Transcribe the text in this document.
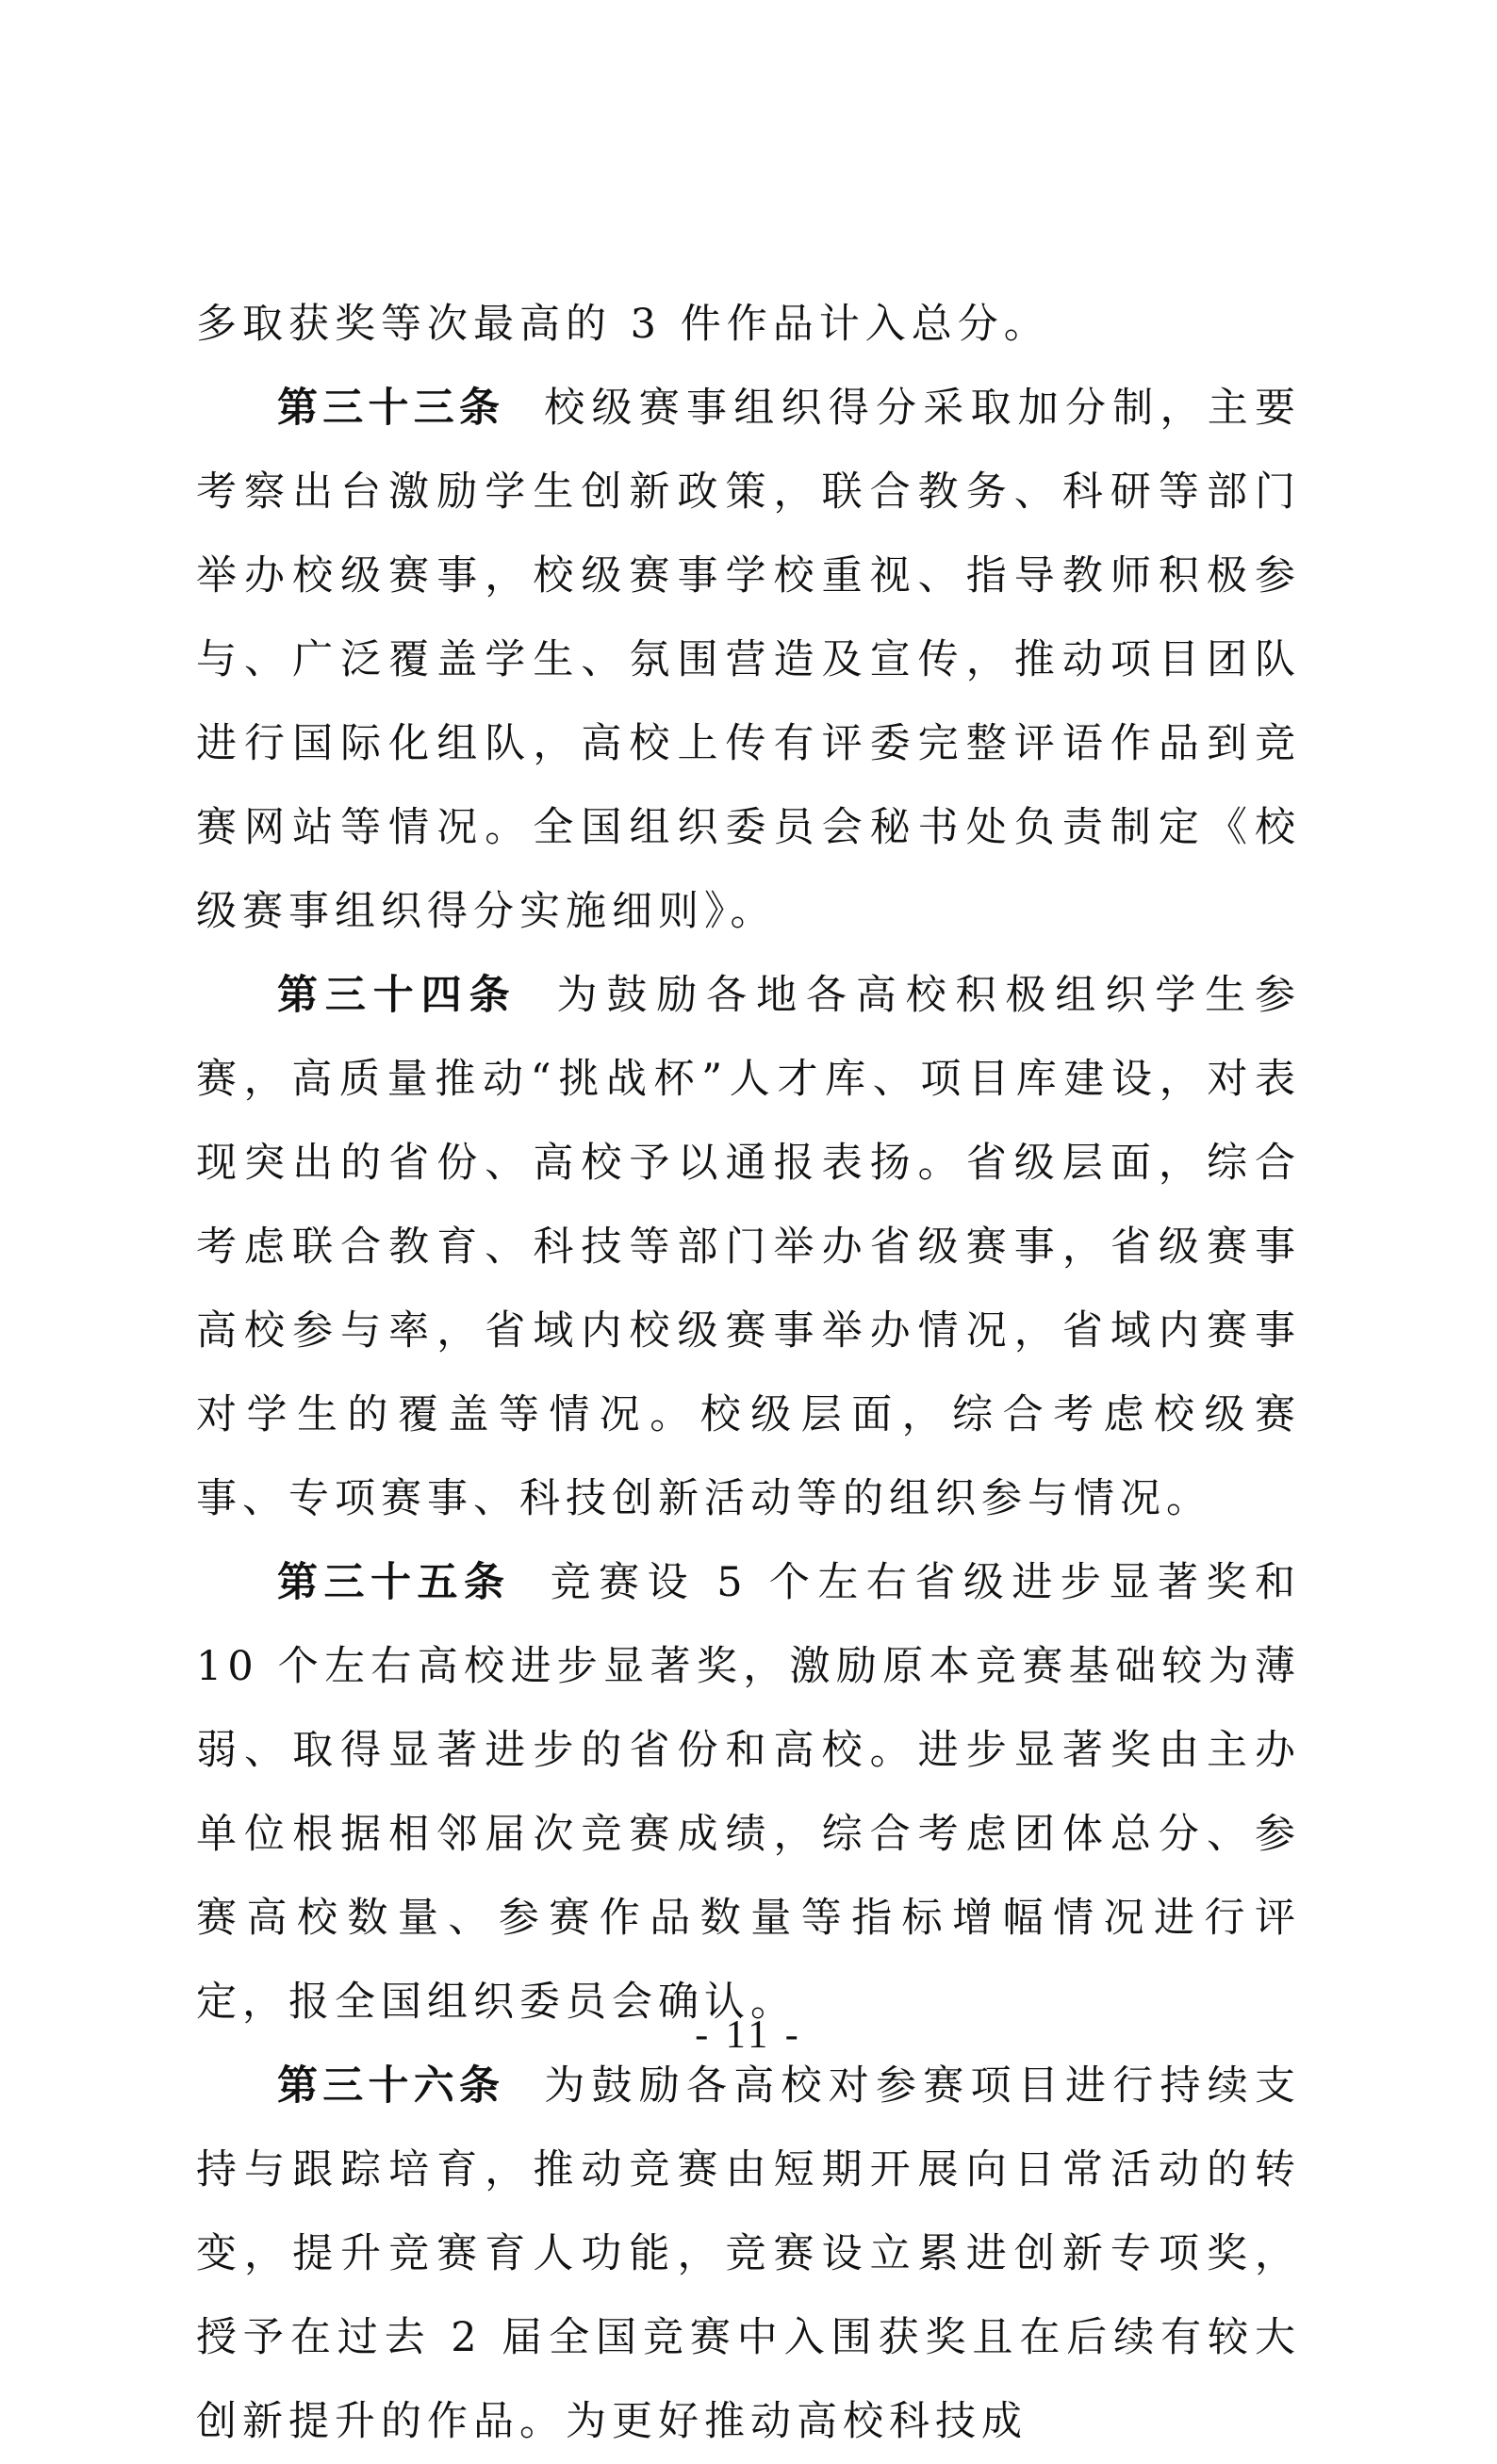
多取获奖等次最高的 3 件作品计入总分。

第三十三条 校级赛事组织得分采取加分制，主要考察出台激励学生创新政策，联合教务、科研等部门举办校级赛事，校级赛事学校重视、指导教师积极参与、广泛覆盖学生、氛围营造及宣传，推动项目团队进行国际化组队，高校上传有评委完整评语作品到竞赛网站等情况。全国组织委员会秘书处负责制定《校级赛事组织得分实施细则》。

第三十四条 为鼓励各地各高校积极组织学生参赛，高质量推动“挑战杯”人才库、项目库建设，对表现突出的省份、高校予以通报表扬。省级层面，综合考虑联合教育、科技等部门举办省级赛事，省级赛事高校参与率，省域内校级赛事举办情况，省域内赛事对学生的覆盖等情况。校级层面，综合考虑校级赛事、专项赛事、科技创新活动等的组织参与情况。

第三十五条 竞赛设 5 个左右省级进步显著奖和 10 个左右高校进步显著奖，激励原本竞赛基础较为薄弱、取得显著进步的省份和高校。进步显著奖由主办单位根据相邻届次竞赛成绩，综合考虑团体总分、参赛高校数量、参赛作品数量等指标增幅情况进行评定，报全国组织委员会确认。

第三十六条 为鼓励各高校对参赛项目进行持续支持与跟踪培育，推动竞赛由短期开展向日常活动的转变，提升竞赛育人功能，竞赛设立累进创新专项奖，授予在过去 2 届全国竞赛中入围获奖且在后续有较大创新提升的作品。为更好推动高校科技成

- 11 -
